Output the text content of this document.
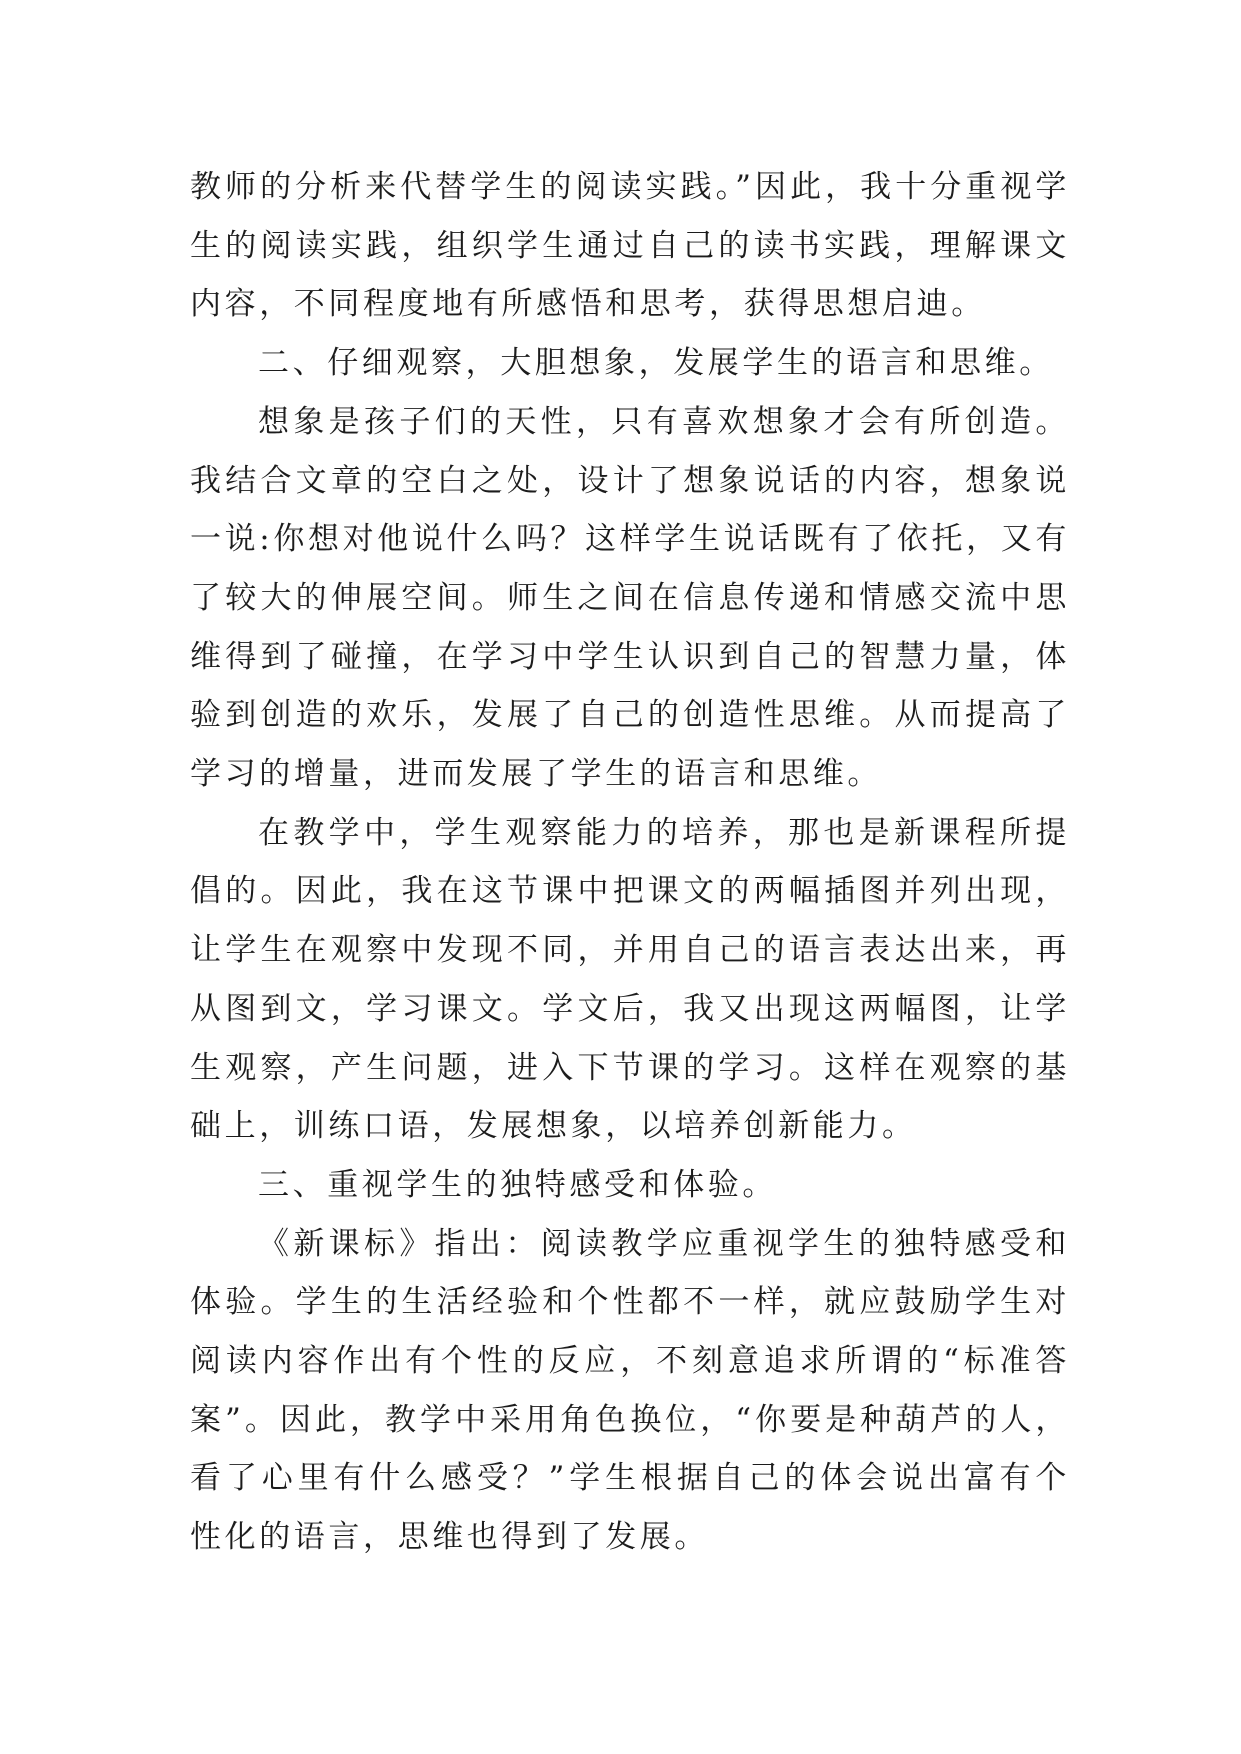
教师的分析来代替学生的阅读实践。”因此，我十分重视学生的阅读实践，组织学生通过自己的读书实践，理解课文内容，不同程度地有所感悟和思考，获得思想启迪。

二、仔细观察，大胆想象，发展学生的语言和思维。

想象是孩子们的天性，只有喜欢想象才会有所创造。我结合文章的空白之处，设计了想象说话的内容，想象说一说:你想对他说什么吗？这样学生说话既有了依托，又有了较大的伸展空间。师生之间在信息传递和情感交流中思维得到了碰撞，在学习中学生认识到自己的智慧力量，体验到创造的欢乐，发展了自己的创造性思维。从而提高了学习的增量，进而发展了学生的语言和思维。

在教学中，学生观察能力的培养，那也是新课程所提倡的。因此，我在这节课中把课文的两幅插图并列出现，让学生在观察中发现不同，并用自己的语言表达出来，再从图到文，学习课文。学文后，我又出现这两幅图，让学生观察，产生问题，进入下节课的学习。这样在观察的基础上，训练口语，发展想象，以培养创新能力。

三、重视学生的独特感受和体验。

《新课标》指出：阅读教学应重视学生的独特感受和体验。学生的生活经验和个性都不一样，就应鼓励学生对阅读内容作出有个性的反应，不刻意追求所谓的“标准答案”。因此，教学中采用角色换位，“你要是种葫芦的人，看了心里有什么感受？”学生根据自己的体会说出富有个性化的语言，思维也得到了发展。
